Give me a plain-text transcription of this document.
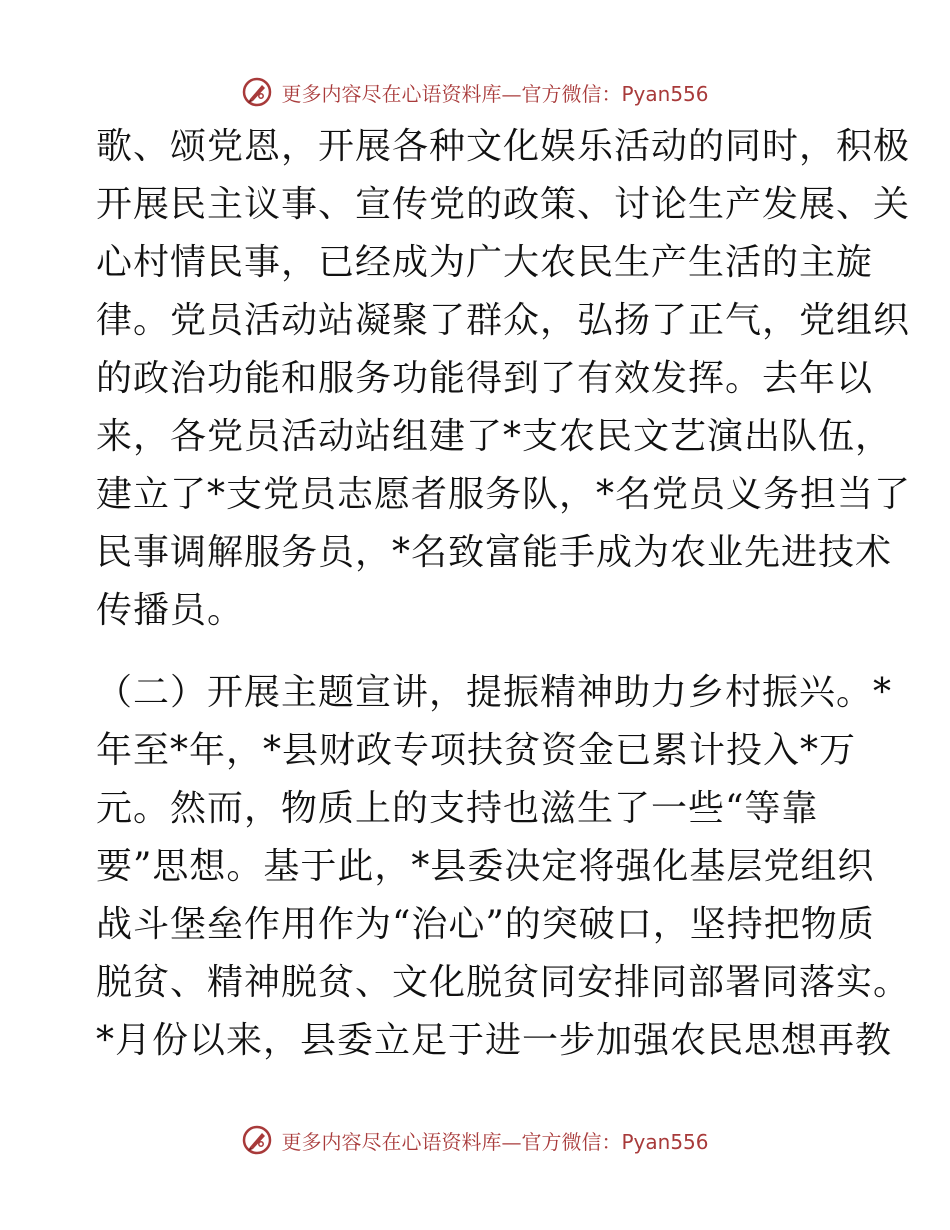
更多内容尽在心语资料库—官方微信：Pyan556
歌、颂党恩，开展各种文化娱乐活动的同时，积极
开展民主议事、宣传党的政策、讨论生产发展、关
心村情民事，已经成为广大农民生产生活的主旋
律。党员活动站凝聚了群众，弘扬了正气，党组织
的政治功能和服务功能得到了有效发挥。去年以
来，各党员活动站组建了*支农民文艺演出队伍，
建立了*支党员志愿者服务队，*名党员义务担当了
民事调解服务员，*名致富能手成为农业先进技术
传播员。
（二）开展主题宣讲，提振精神助力乡村振兴。*
年至*年，*县财政专项扶贫资金已累计投入*万
元。然而，物质上的支持也滋生了一些“等靠
要”思想。基于此，*县委决定将强化基层党组织
战斗堡垒作用作为“治心”的突破口，坚持把物质
脱贫、精神脱贫、文化脱贫同安排同部署同落实。
*月份以来，县委立足于进一步加强农民思想再教
更多内容尽在心语资料库—官方微信：Pyan556
